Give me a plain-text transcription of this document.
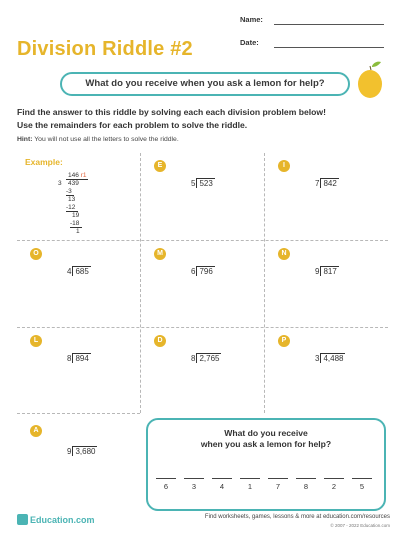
Name:
Date:
Division Riddle #2
What do you receive when you ask a lemon for help?
Find the answer to this riddle by solving each each division problem below!
Use the remainders for each problem to solve the riddle.
Hint: You will not use all the letters to solve the riddle.
Example:
146 r1
3 439
-3
13
-12
19
-18
1
E
5 523
I
7 842
O
4 685
M
6 796
N
9 817
L
8 894
D
8 2,765
P
3 4,488
A
9 3,680
What do you receive
when you ask a lemon for help?
6	3	4	1	7	8	2	5
Education.com	Find worksheets, games, lessons & more at education.com/resources
© 2007 - 2022 Education.com
